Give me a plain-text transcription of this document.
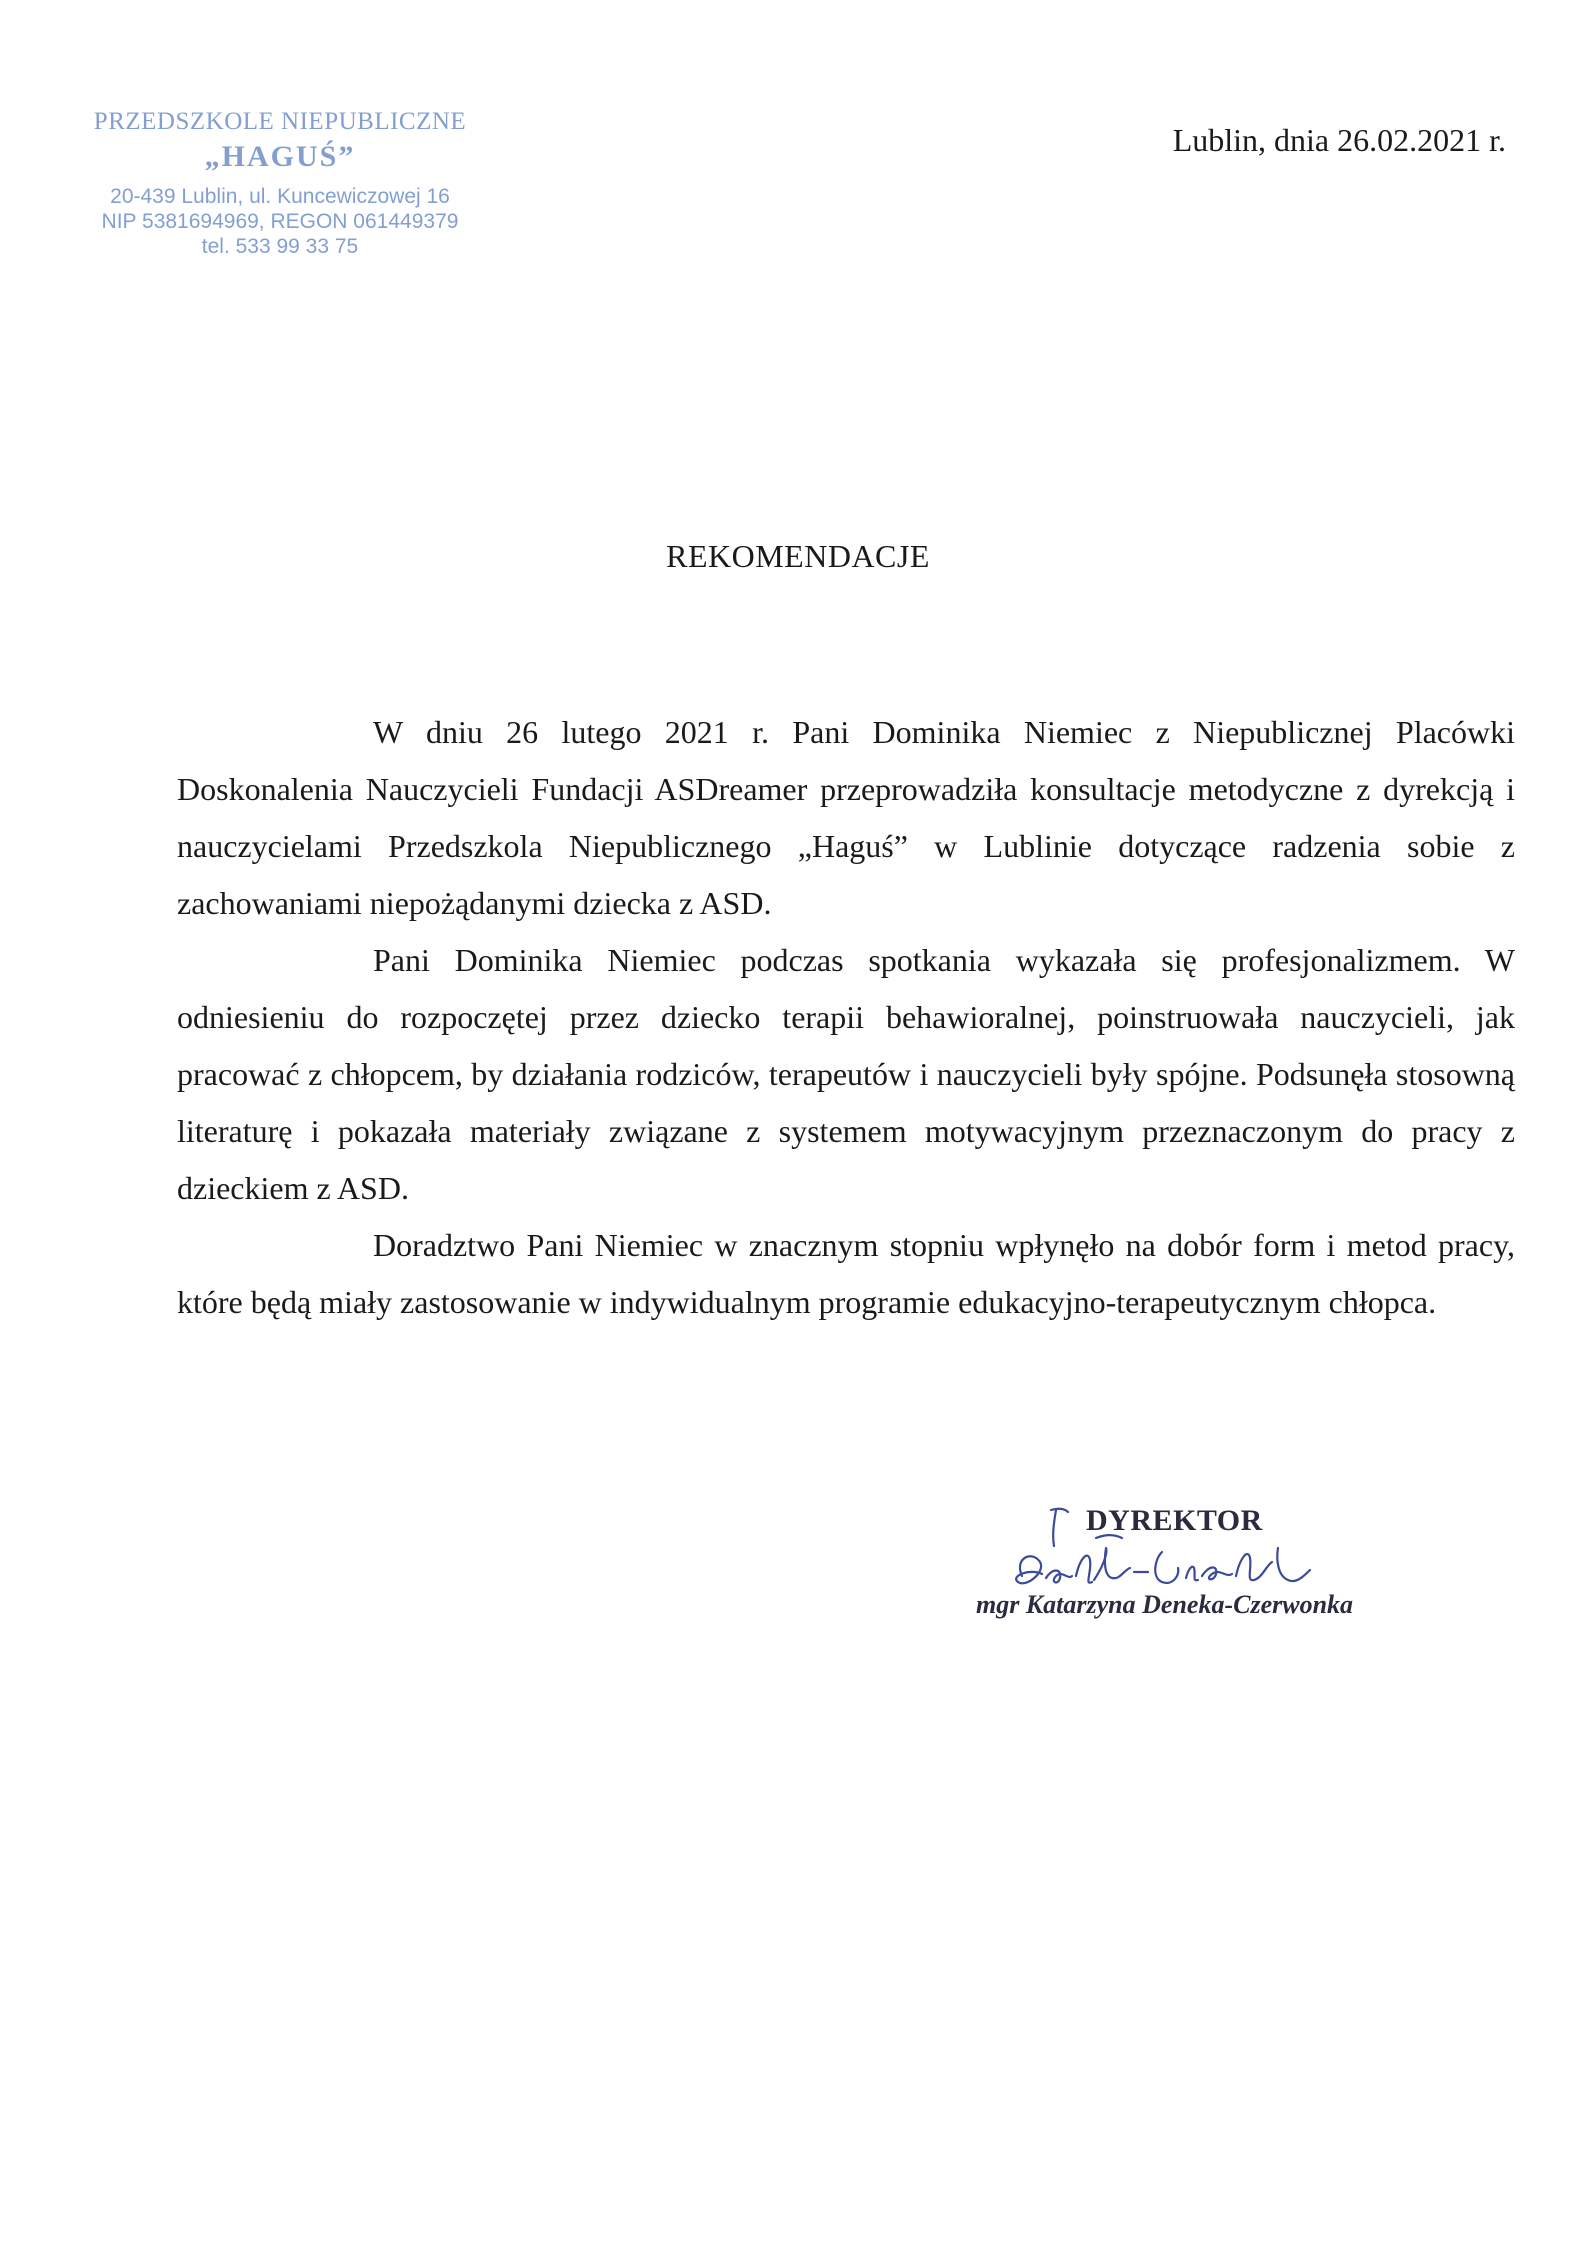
PRZEDSZKOLE NIEPUBLICZNE
„HAGUŚ”
20-439 Lublin, ul. Kuncewiczowej 16
NIP 5381694969, REGON 061449379
tel. 533 99 33 75
Lublin, dnia 26.02.2021 r.
REKOMENDACJE

W dniu 26 lutego 2021 r. Pani Dominika Niemiec z Niepublicznej Placówki Doskonalenia Nauczycieli Fundacji ASDreamer przeprowadziła konsultacje metodyczne z dyrekcją i nauczycielami Przedszkola Niepublicznego „Haguś” w Lublinie dotyczące radzenia sobie z zachowaniami niepożądanymi dziecka z ASD.

Pani Dominika Niemiec podczas spotkania wykazała się profesjonalizmem. W odniesieniu do rozpoczętej przez dziecko terapii behawioralnej, poinstruowała nauczycieli, jak pracować z chłopcem, by działania rodziców, terapeutów i nauczycieli były spójne. Podsunęła stosowną literaturę i pokazała materiały związane z systemem motywacyjnym przeznaczonym do pracy z dzieckiem z ASD.

Doradztwo Pani Niemiec w znacznym stopniu wpłynęło na dobór form i metod pracy, które będą miały zastosowanie w indywidualnym programie edukacyjno-terapeutycznym chłopca.

DYREKTOR
mgr Katarzyna Deneka-Czerwonka
